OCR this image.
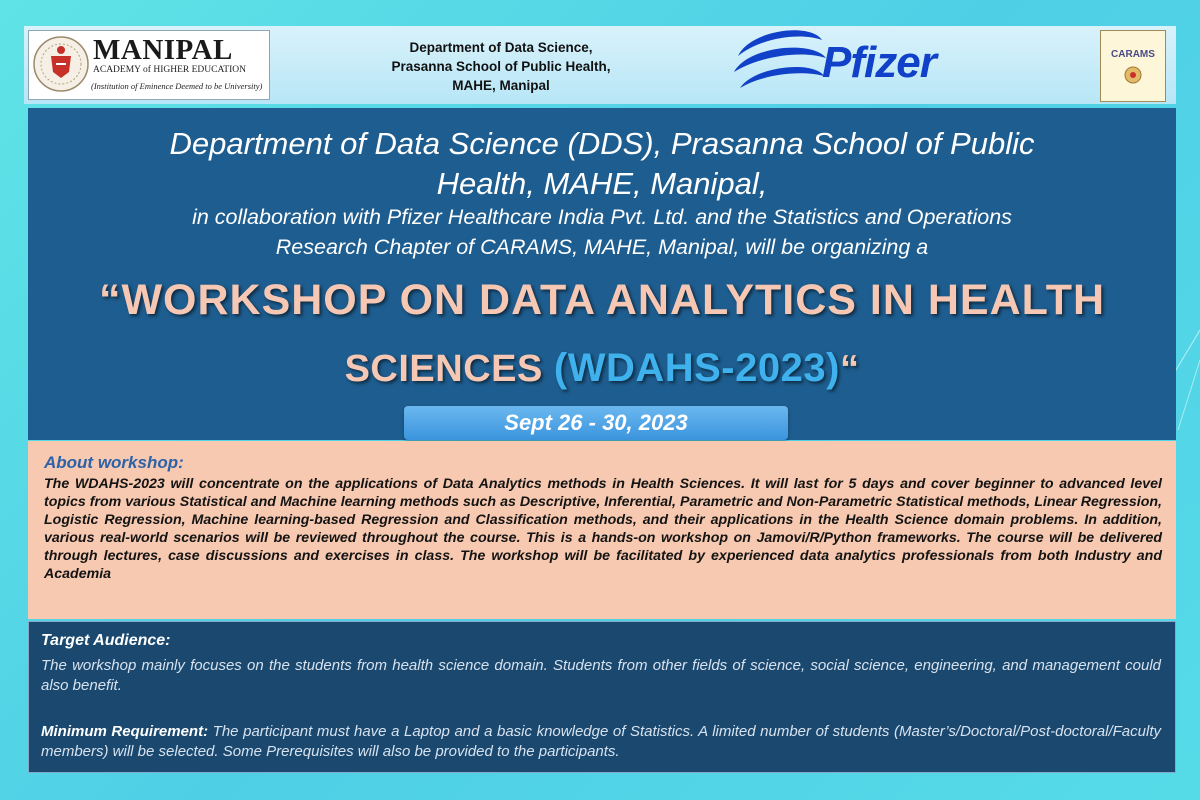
MANIPAL
ACADEMY of HIGHER EDUCATION
(Institution of Eminence Deemed to be University)
Department of Data Science,
Prasanna School of Public Health,
MAHE, Manipal	Pfizer	CARAMS
Department of Data Science (DDS), Prasanna School of Public
Health, MAHE, Manipal,
in collaboration with Pfizer Healthcare India Pvt. Ltd. and the Statistics and Operations
Research Chapter of CARAMS, MAHE, Manipal, will be organizing a
“WORKSHOP ON DATA ANALYTICS IN HEALTH
SCIENCES (WDAHS-2023)“
Sept 26 - 30, 2023
About workshop:
The WDAHS-2023 will concentrate on the applications of Data Analytics methods in Health Sciences. It will last for 5 days and cover beginner to advanced level topics from various Statistical and Machine learning methods such as Descriptive, Inferential, Parametric and Non-Parametric Statistical methods, Linear Regression, Logistic Regression, Machine learning-based Regression and Classification methods, and their applications in the Health Science domain problems. In addition, various real-world scenarios will be reviewed throughout the course. This is a hands-on workshop on Jamovi/R/Python frameworks. The course will be delivered through lectures, case discussions and exercises in class. The workshop will be facilitated by experienced data analytics professionals from both Industry and Academia
Target Audience:
The workshop mainly focuses on the students from health science domain. Students from other fields of science, social science, engineering, and management could also benefit.
Minimum Requirement: The participant must have a Laptop and a basic knowledge of Statistics. A limited number of students (Master’s/Doctoral/Post-doctoral/Faculty members) will be selected. Some Prerequisites will also be provided to the participants.
